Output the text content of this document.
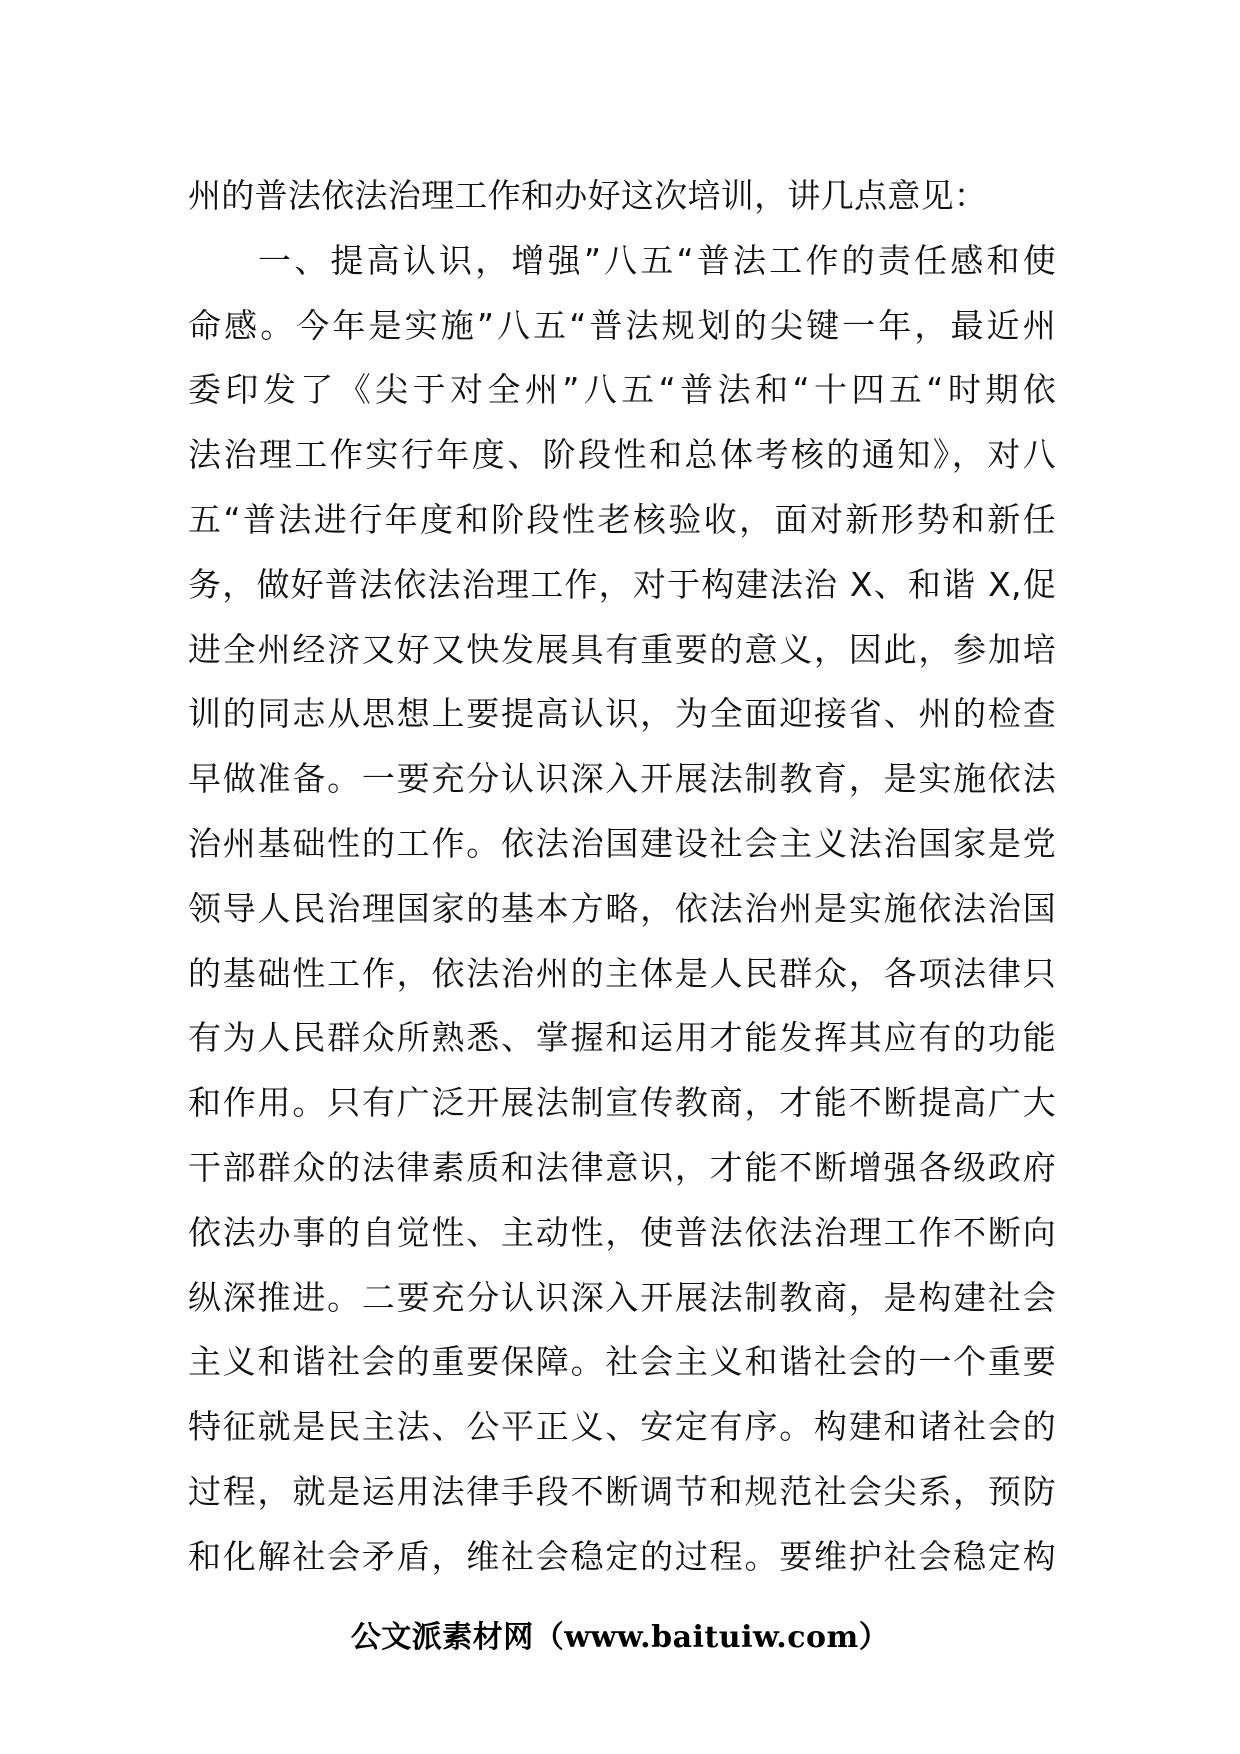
州的普法依法治理工作和办好这次培训，讲几点意见：
一、提高认识，增强”八五“普法工作的责任感和使
命感。今年是实施”八五“普法规划的尖键一年，最近州
委印发了《尖于对全州”八五“普法和“十四五“时期依
法治理工作实行年度、阶段性和总体考核的通知》，对八
五“普法进行年度和阶段性老核验收，面对新形势和新任
务，做好普法依法治理工作，对于构建法治 X、和谐 X,促
进全州经济又好又快发展具有重要的意义，因此，参加培
训的同志从思想上要提高认识，为全面迎接省、州的检查
早做准备。一要充分认识深入开展法制教育，是实施依法
治州基础性的工作。依法治国建设社会主义法治国家是党
领导人民治理国家的基本方略，依法治州是实施依法治国
的基础性工作，依法治州的主体是人民群众，各项法律只
有为人民群众所熟悉、掌握和运用才能发挥其应有的功能
和作用。只有广泛开展法制宣传教商，才能不断提高广大
干部群众的法律素质和法律意识，才能不断增强各级政府
依法办事的自觉性、主动性，使普法依法治理工作不断向
纵深推进。二要充分认识深入开展法制教商，是构建社会
主义和谐社会的重要保障。社会主义和谐社会的一个重要
特征就是民主法、公平正义、安定有序。构建和诸社会的
过程，就是运用法律手段不断调节和规范社会尖系，预防
和化解社会矛盾，维社会稳定的过程。要维护社会稳定构
公文派素材网（www.baituiw.com）
